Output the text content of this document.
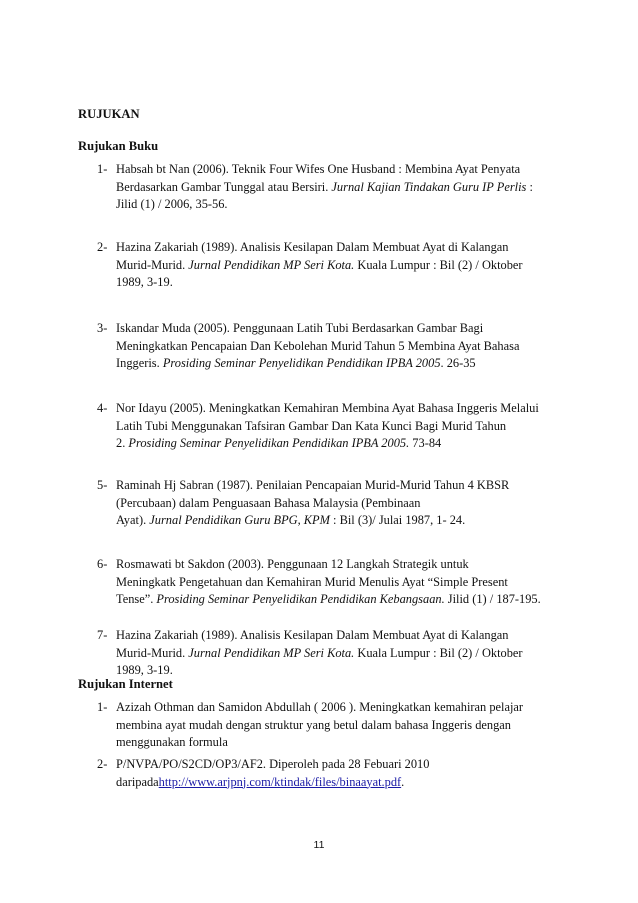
RUJUKAN
Rujukan Buku
1- Habsah bt Nan (2006). Teknik Four Wifes One Husband : Membina Ayat Penyata
Berdasarkan Gambar Tunggal atau Bersiri. Jurnal Kajian Tindakan Guru IP Perlis :
Jilid (1) / 2006, 35-56.
2- Hazina Zakariah (1989). Analisis Kesilapan Dalam Membuat Ayat di Kalangan
Murid-Murid. Jurnal Pendidikan MP Seri Kota. Kuala Lumpur : Bil (2) / Oktober
1989, 3-19.
3- Iskandar Muda (2005). Penggunaan Latih Tubi Berdasarkan Gambar Bagi
Meningkatkan Pencapaian Dan Kebolehan Murid Tahun 5 Membina Ayat Bahasa
Inggeris. Prosiding Seminar Penyelidikan Pendidikan IPBA 2005. 26-35
4- Nor Idayu (2005). Meningkatkan Kemahiran Membina Ayat Bahasa Inggeris Melalui
Latih Tubi Menggunakan Tafsiran Gambar Dan Kata Kunci Bagi Murid Tahun
2. Prosiding Seminar Penyelidikan Pendidikan IPBA 2005. 73-84
5- Raminah Hj Sabran (1987). Penilaian Pencapaian Murid-Murid Tahun 4 KBSR
(Percubaan) dalam Penguasaan Bahasa Malaysia (Pembinaan
Ayat). Jurnal Pendidikan Guru BPG, KPM : Bil (3)/ Julai 1987, 1- 24.
6- Rosmawati bt Sakdon (2003). Penggunaan 12 Langkah Strategik untuk
Meningkatk Pengetahuan dan Kemahiran Murid Menulis Ayat “Simple Present
Tense”. Prosiding Seminar Penyelidikan Pendidikan Kebangsaan. Jilid (1) / 187-195.
7- Hazina Zakariah (1989). Analisis Kesilapan Dalam Membuat Ayat di Kalangan
Murid-Murid. Jurnal Pendidikan MP Seri Kota. Kuala Lumpur : Bil (2) / Oktober
1989, 3-19.
Rujukan Internet
1- Azizah Othman dan Samidon Abdullah ( 2006 ). Meningkatkan kemahiran pelajar
membina ayat mudah dengan struktur yang betul dalam bahasa Inggeris dengan
menggunakan formula
2- P/NVPA/PO/S2CD/OP3/AF2. Diperoleh pada 28 Febuari 2010
daripadahttp://www.arjpnj.com/ktindak/files/binaayat.pdf.
11
